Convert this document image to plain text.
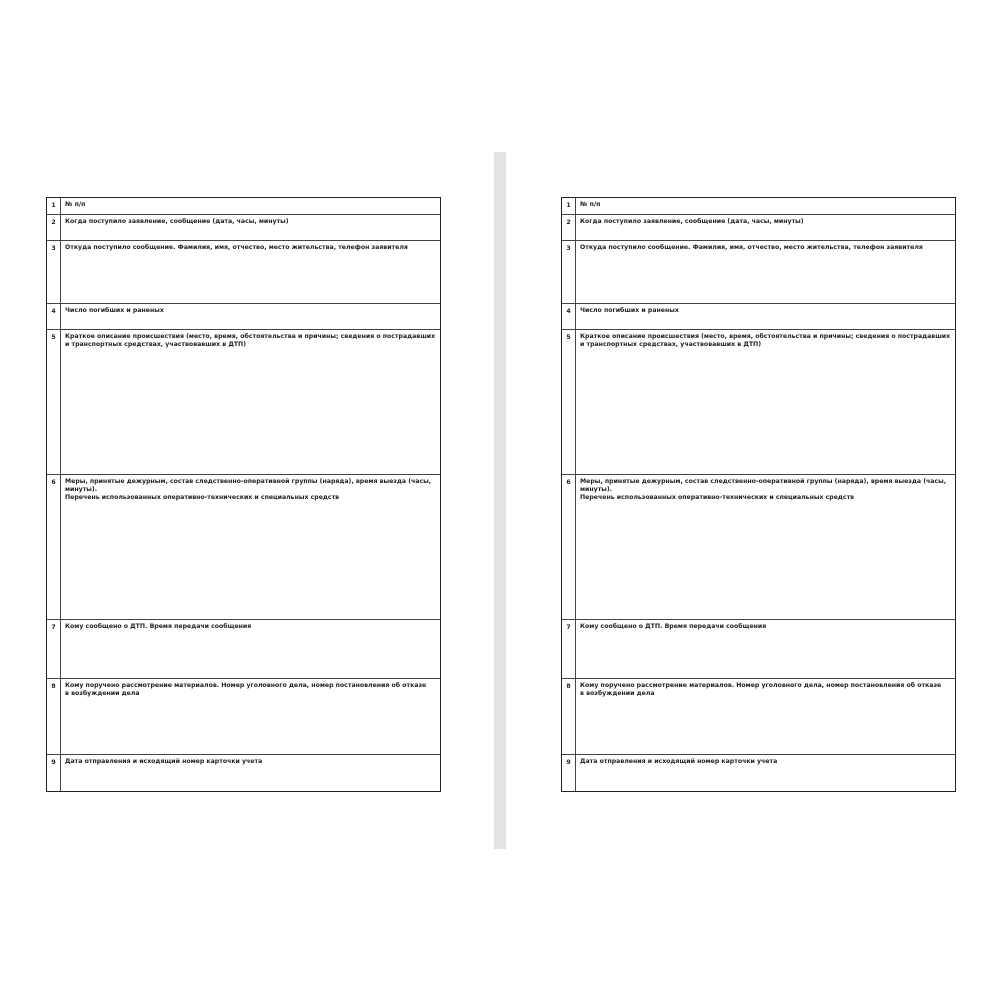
1	№ п/п
2	Когда поступило заявление, сообщение (дата, часы, минуты)
3	Откуда поступило сообщение. Фамилия, имя, отчество, место жительства, телефон заявителя
4	Число погибших и раненых
5	Краткое описание происшествия (место, время, обстоятельства и причины; сведения о пострадавших
и транспортных средствах, участвовавших в ДТП)
6	Меры, принятые дежурным, состав следственно-оперативной группы (наряда), время выезда (часы, минуты).
Перечень использованных оперативно-технических и специальных средств
7	Кому сообщено о ДТП. Время передачи сообщения
8	Кому поручено рассмотрение материалов. Номер уголовного дела, номер постановления об отказе
в возбуждении дела
9	Дата отправления и исходящий номер карточки учета
1	№ п/п
2	Когда поступило заявление, сообщение (дата, часы, минуты)
3	Откуда поступило сообщение. Фамилия, имя, отчество, место жительства, телефон заявителя
4	Число погибших и раненых
5	Краткое описание происшествия (место, время, обстоятельства и причины; сведения о пострадавших
и транспортных средствах, участвовавших в ДТП)
6	Меры, принятые дежурным, состав следственно-оперативной группы (наряда), время выезда (часы, минуты).
Перечень использованных оперативно-технических и специальных средств
7	Кому сообщено о ДТП. Время передачи сообщения
8	Кому поручено рассмотрение материалов. Номер уголовного дела, номер постановления об отказе
в возбуждении дела
9	Дата отправления и исходящий номер карточки учета
